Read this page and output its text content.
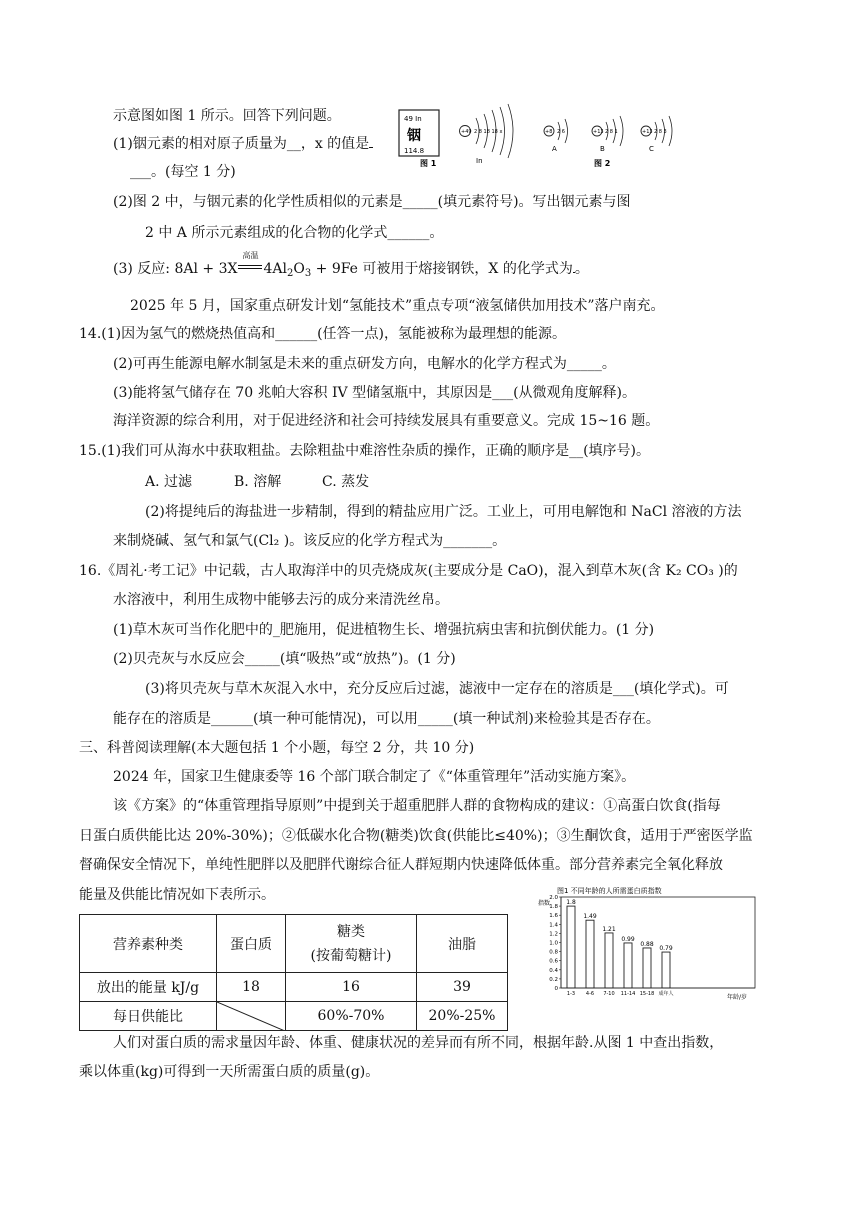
示意图如图 1 所示。回答下列问题。
(1)铟元素的相对原子质量为__，x 的值是
___。(每空 1 分)
(2)图 2 中，与铟元素的化学性质相似的元素是_____(填元素符号)。写出铟元素与图
2 中 A 所示元素组成的化合物的化学式______。
(3) 反应: 8Al + 3X
高温
$4Al_2O_3 + 9Fe$ 可被用于熔接钢铁，X 的化学式为 。
49 In
铟
114.8
+49 2 8 18 18 x
In
+8 2 6
A
+13 2 8 1
B
+13 2 8 3
C
图 1	图 2
2025 年 5 月，国家重点研发计划“氢能技术”重点专项“液氢储供加用技术”落户南充。
14.(1)因为氢气的燃烧热值高和______(任答一点)，氢能被称为最理想的能源。
(2)可再生能源电解水制氢是未来的重点研发方向，电解水的化学方程式为_____。
(3)能将氢气储存在 70 兆帕大容积 IV 型储氢瓶中，其原因是___(从微观角度解释)。
海洋资源的综合利用，对于促进经济和社会可持续发展具有重要意义。完成 15~16 题。
15.(1)我们可从海水中获取粗盐。去除粗盐中难溶性杂质的操作，正确的顺序是__(填序号)。
A. 过滤	B. 溶解	C. 蒸发
(2)将提纯后的海盐进一步精制，得到的精盐应用广泛。工业上，可用电解饱和 NaCl 溶液的方法
来制烧碱、氢气和氯气(Cl₂ )。该反应的化学方程式为_______。
16.《周礼·考工记》中记载，古人取海洋中的贝壳烧成灰(主要成分是 CaO)，混入到草木灰(含 K₂ CO₃ )的
水溶液中，利用生成物中能够去污的成分来清洗丝帛。
(1)草木灰可当作化肥中的_肥施用，促进植物生长、增强抗病虫害和抗倒伏能力。(1 分)
(2)贝壳灰与水反应会_____(填“吸热”或“放热”)。(1 分)
(3)将贝壳灰与草木灰混入水中，充分反应后过滤，滤液中一定存在的溶质是___(填化学式)。可
能存在的溶质是______(填一种可能情况)，可以用_____(填一种试剂)来检验其是否存在。
三、科普阅读理解(本大题包括 1 个小题，每空 2 分，共 10 分)
2024 年，国家卫生健康委等 16 个部门联合制定了《“体重管理年”活动实施方案》。
该《方案》的“体重管理指导原则”中提到关于超重肥胖人群的食物构成的建议：①高蛋白饮食(指每
日蛋白质供能比达 20%-30%)；②低碳水化合物(糖类)饮食(供能比≤40%)；③生酮饮食，适用于严密医学监
督确保安全情况下，单纯性肥胖以及肥胖代谢综合征人群短期内快速降低体重。部分营养素完全氧化释放
能量及供能比情况如下表所示。
营养素种类	蛋白质	糖类
(按葡萄糖计)	油脂
放出的能量 kJ/g	18	16	39
每日供能比		60%-70%	20%-25%
图1 不同年龄的人所需蛋白质指数
指数
0
0.2
0.4
0.6
0.8
1.0
1.2
1.4
1.6
1.8
2.0
1.8
1.49
1.21
0.99
0.88
0.79
1-3 4-6 7-10 11-14 15-18 成年人	年龄/岁
人们对蛋白质的需求量因年龄、体重、健康状况的差异而有所不同，根据年龄.从图 1 中查出指数，
乘以体重(kg)可得到一天所需蛋白质的质量(g)。
